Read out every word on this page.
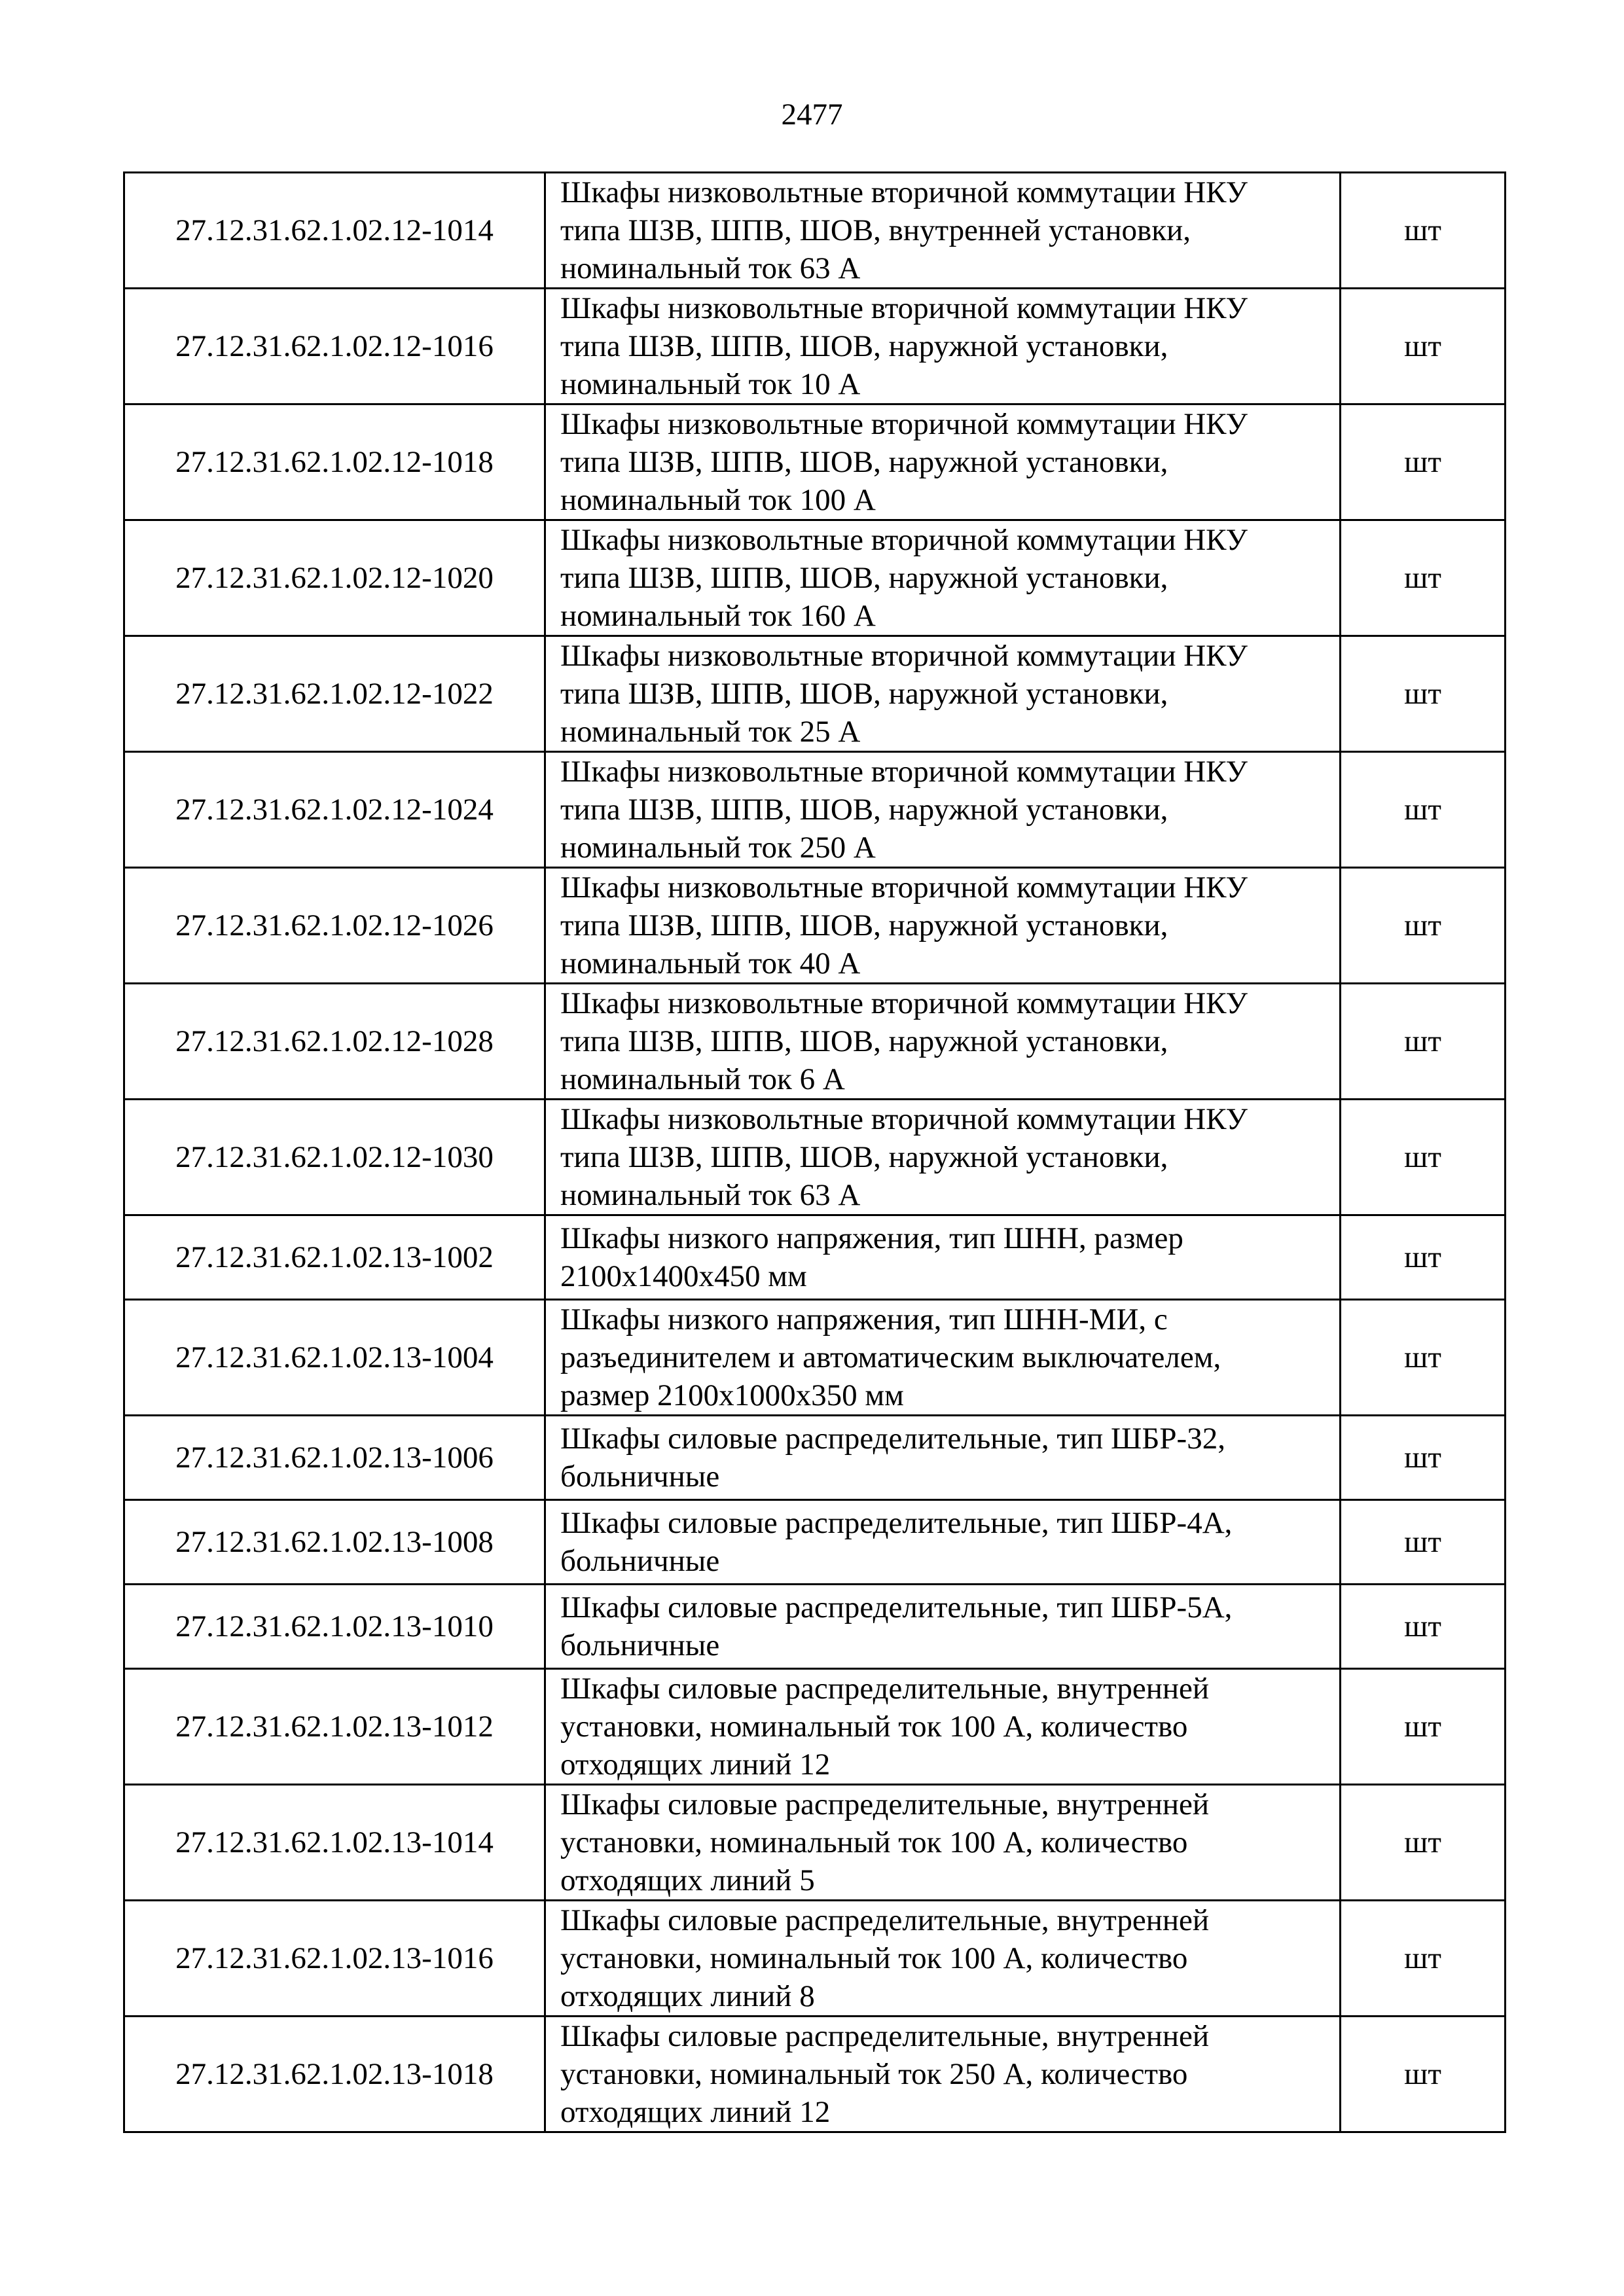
2477
27.12.31.62.1.02.12-1014	Шкафы низковольтные вторичной коммутации НКУ
типа ШЗВ, ШПВ, ШОВ, внутренней установки,
номинальный ток 63 А	шт
27.12.31.62.1.02.12-1016	Шкафы низковольтные вторичной коммутации НКУ
типа ШЗВ, ШПВ, ШОВ, наружной установки,
номинальный ток 10 А	шт
27.12.31.62.1.02.12-1018	Шкафы низковольтные вторичной коммутации НКУ
типа ШЗВ, ШПВ, ШОВ, наружной установки,
номинальный ток 100 А	шт
27.12.31.62.1.02.12-1020	Шкафы низковольтные вторичной коммутации НКУ
типа ШЗВ, ШПВ, ШОВ, наружной установки,
номинальный ток 160 А	шт
27.12.31.62.1.02.12-1022	Шкафы низковольтные вторичной коммутации НКУ
типа ШЗВ, ШПВ, ШОВ, наружной установки,
номинальный ток 25 А	шт
27.12.31.62.1.02.12-1024	Шкафы низковольтные вторичной коммутации НКУ
типа ШЗВ, ШПВ, ШОВ, наружной установки,
номинальный ток 250 А	шт
27.12.31.62.1.02.12-1026	Шкафы низковольтные вторичной коммутации НКУ
типа ШЗВ, ШПВ, ШОВ, наружной установки,
номинальный ток 40 А	шт
27.12.31.62.1.02.12-1028	Шкафы низковольтные вторичной коммутации НКУ
типа ШЗВ, ШПВ, ШОВ, наружной установки,
номинальный ток 6 А	шт
27.12.31.62.1.02.12-1030	Шкафы низковольтные вторичной коммутации НКУ
типа ШЗВ, ШПВ, ШОВ, наружной установки,
номинальный ток 63 А	шт
27.12.31.62.1.02.13-1002	Шкафы низкого напряжения, тип ШНН, размер
2100х1400х450 мм	шт
27.12.31.62.1.02.13-1004	Шкафы низкого напряжения, тип ШНН-МИ, с
разъединителем и автоматическим выключателем,
размер 2100х1000х350 мм	шт
27.12.31.62.1.02.13-1006	Шкафы силовые распределительные, тип ШБР-32,
больничные	шт
27.12.31.62.1.02.13-1008	Шкафы силовые распределительные, тип ШБР-4А,
больничные	шт
27.12.31.62.1.02.13-1010	Шкафы силовые распределительные, тип ШБР-5А,
больничные	шт
27.12.31.62.1.02.13-1012	Шкафы силовые распределительные, внутренней
установки, номинальный ток 100 А, количество
отходящих линий 12	шт
27.12.31.62.1.02.13-1014	Шкафы силовые распределительные, внутренней
установки, номинальный ток 100 А, количество
отходящих линий 5	шт
27.12.31.62.1.02.13-1016	Шкафы силовые распределительные, внутренней
установки, номинальный ток 100 А, количество
отходящих линий 8	шт
27.12.31.62.1.02.13-1018	Шкафы силовые распределительные, внутренней
установки, номинальный ток 250 А, количество
отходящих линий 12	шт
